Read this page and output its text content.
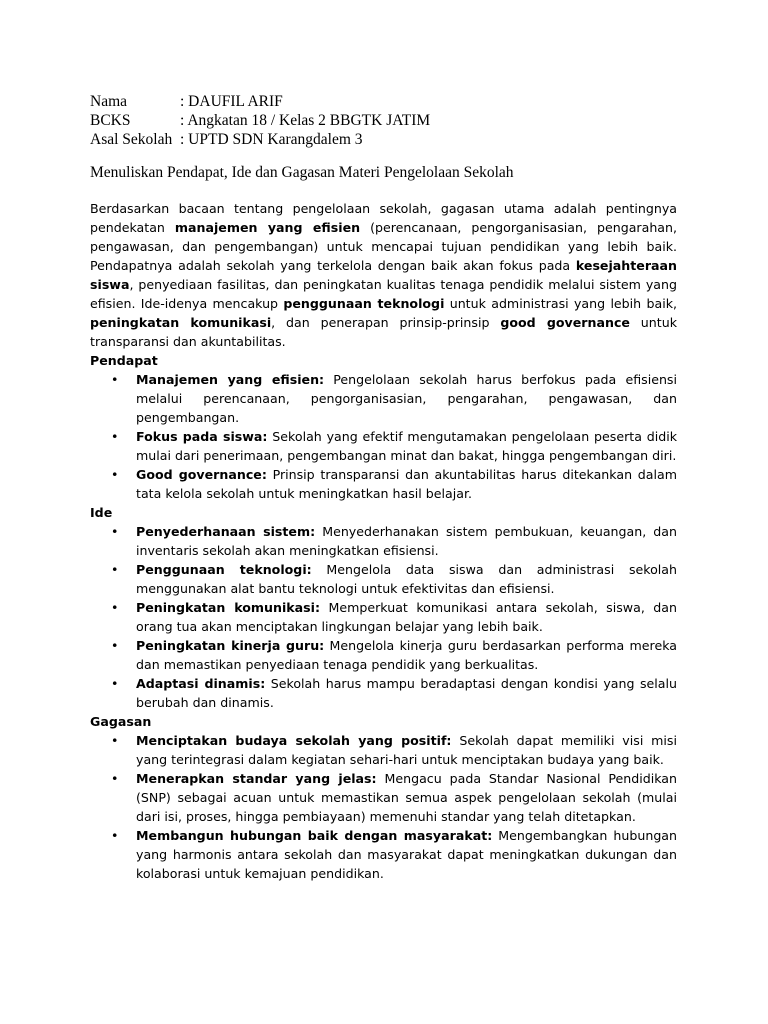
Nama	: DAUFIL ARIF
BCKS	: Angkatan 18 / Kelas 2 BBGTK JATIM
Asal Sekolah : UPTD SDN Karangdalem 3
Menuliskan Pendapat, Ide dan Gagasan Materi Pengelolaan Sekolah

Berdasarkan bacaan tentang pengelolaan sekolah, gagasan utama adalah pentingnya pendekatan manajemen yang efisien (perencanaan, pengorganisasian, pengarahan, pengawasan, dan pengembangan) untuk mencapai tujuan pendidikan yang lebih baik. Pendapatnya adalah sekolah yang terkelola dengan baik akan fokus pada kesejahteraan siswa, penyediaan fasilitas, dan peningkatan kualitas tenaga pendidik melalui sistem yang efisien. Ide-idenya mencakup penggunaan teknologi untuk administrasi yang lebih baik, peningkatan komunikasi, dan penerapan prinsip-prinsip good governance untuk transparansi dan akuntabilitas.

Pendapat

• Manajemen yang efisien: Pengelolaan sekolah harus berfokus pada efisiensi melalui perencanaan, pengorganisasian, pengarahan, pengawasan, dan pengembangan.
• Fokus pada siswa: Sekolah yang efektif mengutamakan pengelolaan peserta didik mulai dari penerimaan, pengembangan minat dan bakat, hingga pengembangan diri.
• Good governance: Prinsip transparansi dan akuntabilitas harus ditekankan dalam tata kelola sekolah untuk meningkatkan hasil belajar.

Ide

• Penyederhanaan sistem: Menyederhanakan sistem pembukuan, keuangan, dan inventaris sekolah akan meningkatkan efisiensi.
• Penggunaan teknologi: Mengelola data siswa dan administrasi sekolah menggunakan alat bantu teknologi untuk efektivitas dan efisiensi.
• Peningkatan komunikasi: Memperkuat komunikasi antara sekolah, siswa, dan orang tua akan menciptakan lingkungan belajar yang lebih baik.
• Peningkatan kinerja guru: Mengelola kinerja guru berdasarkan performa mereka dan memastikan penyediaan tenaga pendidik yang berkualitas.
• Adaptasi dinamis: Sekolah harus mampu beradaptasi dengan kondisi yang selalu berubah dan dinamis.

Gagasan

• Menciptakan budaya sekolah yang positif: Sekolah dapat memiliki visi misi yang terintegrasi dalam kegiatan sehari-hari untuk menciptakan budaya yang baik.
• Menerapkan standar yang jelas: Mengacu pada Standar Nasional Pendidikan (SNP) sebagai acuan untuk memastikan semua aspek pengelolaan sekolah (mulai dari isi, proses, hingga pembiayaan) memenuhi standar yang telah ditetapkan.
• Membangun hubungan baik dengan masyarakat: Mengembangkan hubungan yang harmonis antara sekolah dan masyarakat dapat meningkatkan dukungan dan kolaborasi untuk kemajuan pendidikan.
